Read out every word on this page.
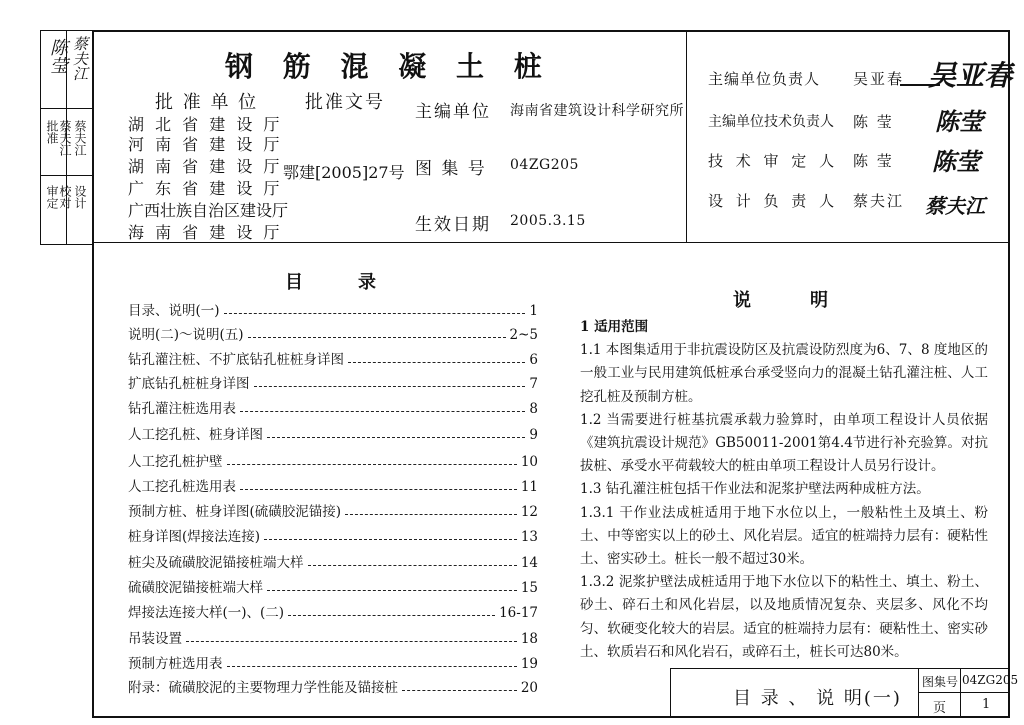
钢 筋 混 凝 土 桩
批 准 单 位	批准文号
湖 北 省 建 设 厅
河 南 省 建 设 厅
湖 南 省 建 设 厅
广 东 省 建 设 厅
广西壮族自治区建设厅
海 南 省 建 设 厅
鄂建[2005]27号
主编单位 海南省建筑设计科学研究所
图 集 号 04ZG205
生效日期 2005.3.15
主编单位负责人 吴亚春 吴亚春
主编单位技术负责人 陈 莹 陈莹
技 术 审 定 人 陈 莹 陈莹
设 计 负 责 人 蔡夫江 蔡夫江
陈莹 蔡夫江
批准 蔡夫江 蔡夫江
审定 校对 设计
目	录
目录、说明(一)	1
说明(二)～说明(五)	2~5
钻孔灌注桩、不扩底钻孔桩桩身详图	6
扩底钻孔桩桩身详图	7
钻孔灌注桩选用表	8
人工挖孔桩、桩身详图	9
人工挖孔桩护壁	10
人工挖孔桩选用表	11
预制方桩、桩身详图(硫磺胶泥锚接)	12
桩身详图(焊接法连接)	13
桩尖及硫磺胶泥锚接桩端大样	14
硫磺胶泥锚接桩端大样	15
焊接法连接大样(一)、(二)	16-17
吊装设置	18
预制方桩选用表	19
附录：硫磺胶泥的主要物理力学性能及锚接桩	20
说	明

1 适用范围

1.1 本图集适用于非抗震设防区及抗震设防烈度为6、7、8 度地区的一般工业与民用建筑低桩承台承受竖向力的混凝土钻孔灌注桩、人工挖孔桩及预制方桩。

1.2 当需要进行桩基抗震承载力验算时，由单项工程设计人员依据《建筑抗震设计规范》GB50011-2001第4.4节进行补充验算。对抗拔桩、承受水平荷载较大的桩由单项工程设计人员另行设计。

1.3 钻孔灌注桩包括干作业法和泥浆护壁法两种成桩方法。

1.3.1 干作业法成桩适用于地下水位以上，一般粘性土及填土、粉土、中等密实以上的砂土、风化岩层。适宜的桩端持力层有：硬粘性土、密实砂土。桩长一般不超过30米。

1.3.2 泥浆护壁法成桩适用于地下水位以下的粘性土、填土、粉土、砂土、碎石土和风化岩层，以及地质情况复杂、夹层多、风化不均匀、软硬变化较大的岩层。适宜的桩端持力层有：硬粘性土、密实砂土、软质岩石和风化岩石，或碎石土，桩长可达80米。

目 录 、 说 明(一)
图集号 04ZG205
页	1
